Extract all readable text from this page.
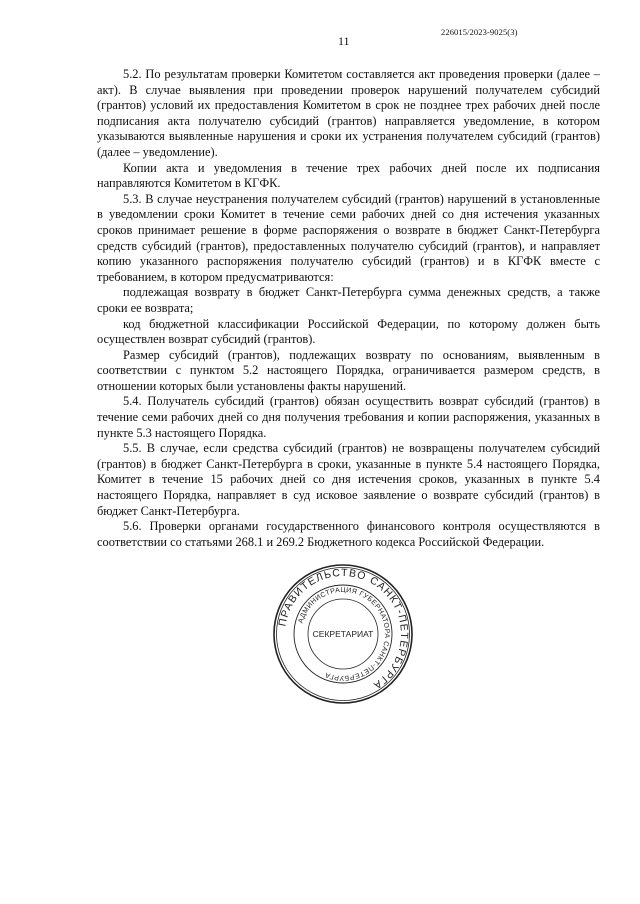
11
226015/2023-9025(3)

5.2. По результатам проверки Комитетом составляется акт проведения проверки (далее – акт). В случае выявления при проведении проверок нарушений получателем субсидий (грантов) условий их предоставления Комитетом в срок не позднее трех рабочих дней после подписания акта получателю субсидий (грантов) направляется уведомление, в котором указываются выявленные нарушения и сроки их устранения получателем субсидий (грантов) (далее – уведомление).

Копии акта и уведомления в течение трех рабочих дней после их подписания направляются Комитетом в КГФК.

5.3. В случае неустранения получателем субсидий (грантов) нарушений в установленные в уведомлении сроки Комитет в течение семи рабочих дней со дня истечения указанных сроков принимает решение в форме распоряжения о возврате в бюджет Санкт-Петербурга средств субсидий (грантов), предоставленных получателю субсидий (грантов), и направляет копию указанного распоряжения получателю субсидий (грантов) и в КГФК вместе с требованием, в котором предусматриваются:

подлежащая возврату в бюджет Санкт-Петербурга сумма денежных средств, а также сроки ее возврата;

код бюджетной классификации Российской Федерации, по которому должен быть осуществлен возврат субсидий (грантов).

Размер субсидий (грантов), подлежащих возврату по основаниям, выявленным в соответствии с пунктом 5.2 настоящего Порядка, ограничивается размером средств, в отношении которых были установлены факты нарушений.

5.4. Получатель субсидий (грантов) обязан осуществить возврат субсидий (грантов) в течение семи рабочих дней со дня получения требования и копии распоряжения, указанных в пункте 5.3 настоящего Порядка.

5.5. В случае, если средства субсидий (грантов) не возвращены получателем субсидий (грантов) в бюджет Санкт-Петербурга в сроки, указанные в пункте 5.4 настоящего Порядка, Комитет в течение 15 рабочих дней со дня истечения сроков, указанных в пункте 5.4 настоящего Порядка, направляет в суд исковое заявление о возврате субсидий (грантов) в бюджет Санкт-Петербурга.

5.6. Проверки органами государственного финансового контроля осуществляются в соответствии со статьями 268.1 и 269.2 Бюджетного кодекса Российской Федерации.

ПРАВИТЕЛЬСТВО САНКТ-ПЕТЕРБУРГА
АДМИНИСТРАЦИЯ ГУБЕРНАТОРА САНКТ-ПЕТЕРБУРГА
СЕКРЕТАРИАТ
